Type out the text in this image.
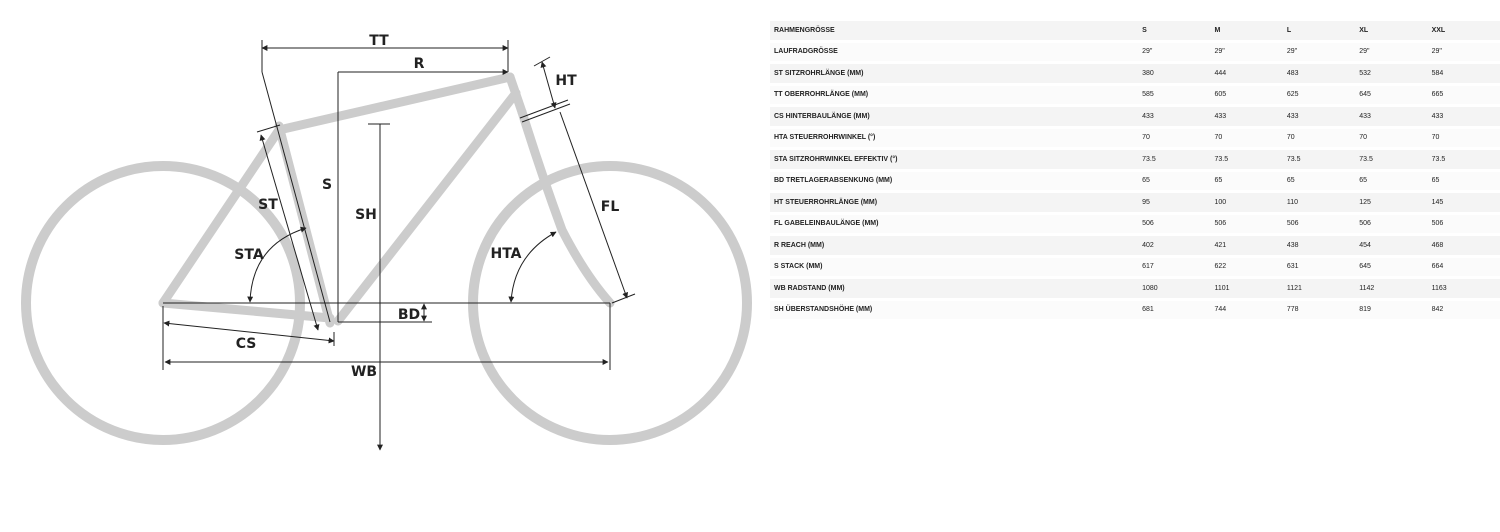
TT
R
HT
S
ST
SH	FL
STA	HTA
BD
CS
WB
RAHMENGRÖSSE	S	M	L	XL	XXL
LAUFRADGRÖSSE	29"	29"	29"	29"	29"
ST SITZROHRLÄNGE (MM)	380	444	483	532	584
TT OBERROHRLÄNGE (MM)	585	605	625	645	665
CS HINTERBAULÄNGE (MM)	433	433	433	433	433
HTA STEUERROHRWINKEL (°)	70	70	70	70	70
STA SITZROHRWINKEL EFFEKTIV (°)	73.5	73.5	73.5	73.5	73.5
BD TRETLAGERABSENKUNG (MM)	65	65	65	65	65
HT STEUERROHRLÄNGE (MM)	95	100	110	125	145
FL GABELEINBAULÄNGE (MM)	506	506	506	506	506
R REACH (MM)	402	421	438	454	468
S STACK (MM)	617	622	631	645	664
WB RADSTAND (MM)	1080	1101	1121	1142	1163
SH ÜBERSTANDSHÖHE (MM)	681	744	778	819	842
